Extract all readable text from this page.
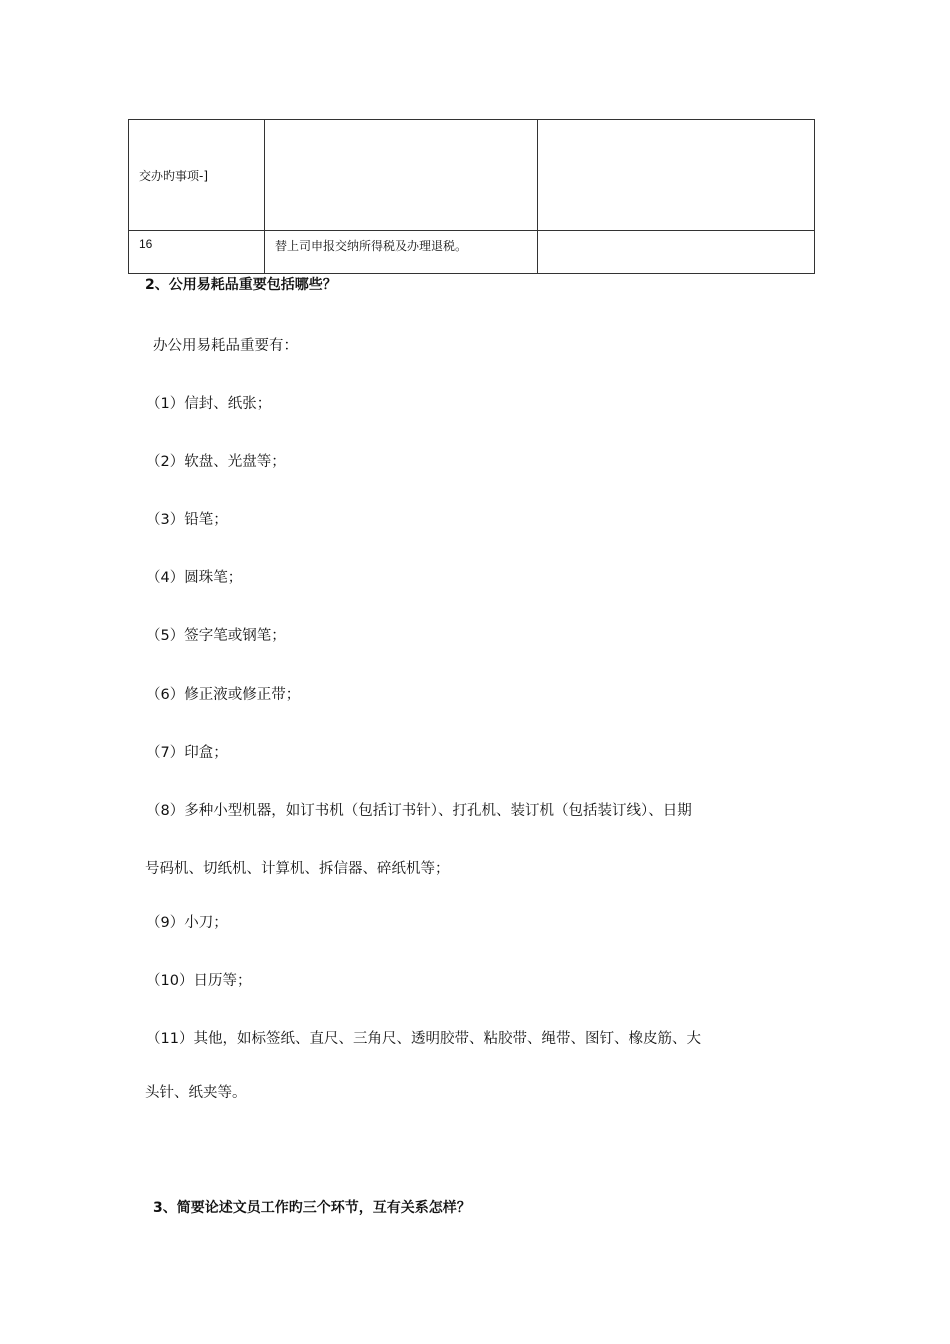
交办旳事项-]		
16	替上司申报交纳所得税及办理退税。	
2、公用易耗品重要包括哪些？
办公用易耗品重要有：
（1）信封、纸张；
（2）软盘、光盘等；
（3）铅笔；
（4）圆珠笔；
（5）签字笔或钢笔；
（6）修正液或修正带；
（7）印盒；
（8）多种小型机器，如订书机（包括订书针）、打孔机、装订机（包括装订线）、日期
号码机、切纸机、计算机、拆信器、碎纸机等；
（9）小刀；
（10）日历等；
（11）其他，如标签纸、直尺、三角尺、透明胶带、粘胶带、绳带、图钉、橡皮筋、大
头针、纸夹等。
3、简要论述文员工作旳三个环节，互有关系怎样？
